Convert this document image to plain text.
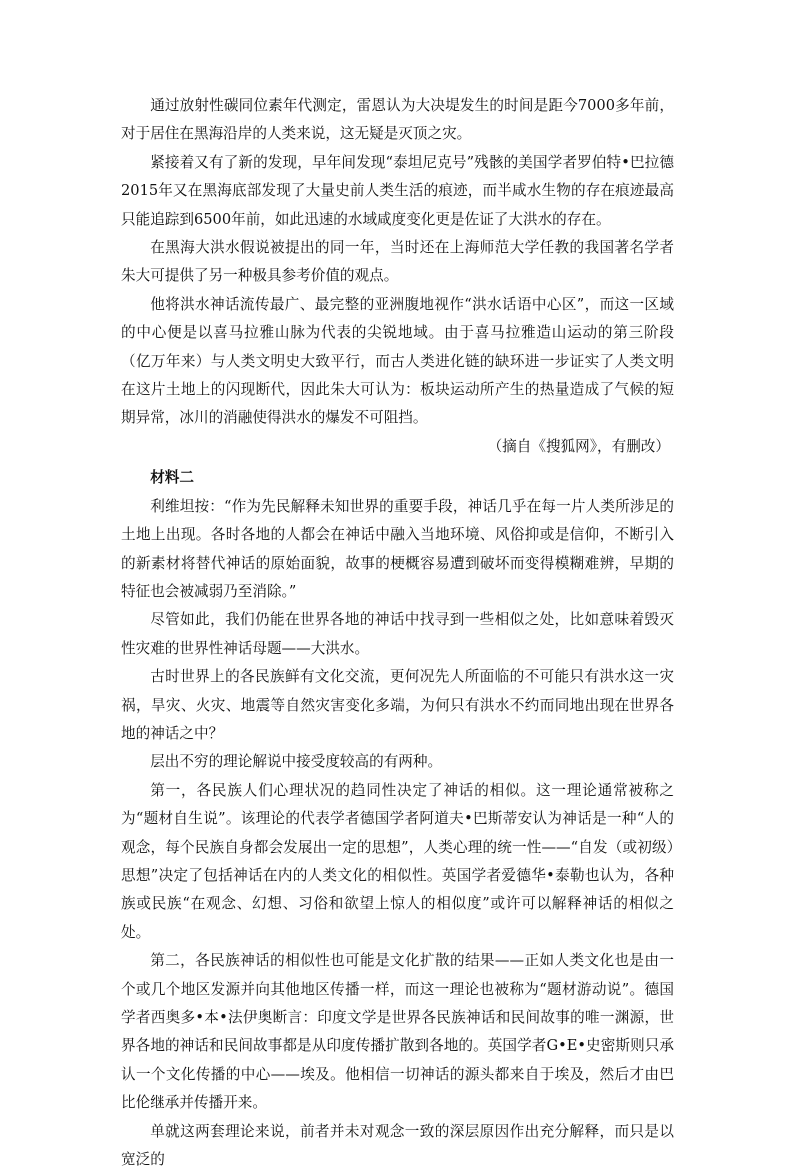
通过放射性碳同位素年代测定，雷恩认为大决堤发生的时间是距今7000多年前，对于居住在黑海沿岸的人类来说，这无疑是灭顶之灾。

紧接着又有了新的发现，早年间发现“泰坦尼克号”残骸的美国学者罗伯特•巴拉德2015年又在黑海底部发现了大量史前人类生活的痕迹，而半咸水生物的存在痕迹最高只能追踪到6500年前，如此迅速的水域咸度变化更是佐证了大洪水的存在。

在黑海大洪水假说被提出的同一年，当时还在上海师范大学任教的我国著名学者朱大可提供了另一种极具参考价值的观点。

他将洪水神话流传最广、最完整的亚洲腹地视作“洪水话语中心区”，而这一区域的中心便是以喜马拉雅山脉为代表的尖锐地域。由于喜马拉雅造山运动的第三阶段（亿万年来）与人类文明史大致平行，而古人类进化链的缺环进一步证实了人类文明在这片土地上的闪现断代，因此朱大可认为：板块运动所产生的热量造成了气候的短期异常，冰川的消融使得洪水的爆发不可阻挡。

（摘自《搜狐网》，有删改）

材料二

利维坦按：“作为先民解释未知世界的重要手段，神话几乎在每一片人类所涉足的土地上出现。各时各地的人都会在神话中融入当地环境、风俗抑或是信仰，不断引入的新素材将替代神话的原始面貌，故事的梗概容易遭到破坏而变得模糊难辨，早期的特征也会被减弱乃至消除。”

尽管如此，我们仍能在世界各地的神话中找寻到一些相似之处，比如意味着毁灭性灾难的世界性神话母题——大洪水。

古时世界上的各民族鲜有文化交流，更何况先人所面临的不可能只有洪水这一灾祸，旱灾、火灾、地震等自然灾害变化多端，为何只有洪水不约而同地出现在世界各地的神话之中？

层出不穷的理论解说中接受度较高的有两种。

第一，各民族人们心理状况的趋同性决定了神话的相似。这一理论通常被称之为“题材自生说”。该理论的代表学者德国学者阿道夫•巴斯蒂安认为神话是一种“人的观念，每个民族自身都会发展出一定的思想”，人类心理的统一性——“自发（或初级）思想”决定了包括神话在内的人类文化的相似性。英国学者爱德华•泰勒也认为，各种族或民族“在观念、幻想、习俗和欲望上惊人的相似度”或许可以解释神话的相似之处。

第二，各民族神话的相似性也可能是文化扩散的结果——正如人类文化也是由一个或几个地区发源并向其他地区传播一样，而这一理论也被称为“题材游动说”。德国学者西奥多•本•法伊奥断言：印度文学是世界各民族神话和民间故事的唯一渊源，世界各地的神话和民间故事都是从印度传播扩散到各地的。英国学者G•E•史密斯则只承认一个文化传播的中心——埃及。他相信一切神话的源头都来自于埃及，然后才由巴比伦继承并传播开来。

单就这两套理论来说，前者并未对观念一致的深层原因作出充分解释，而只是以宽泛的
